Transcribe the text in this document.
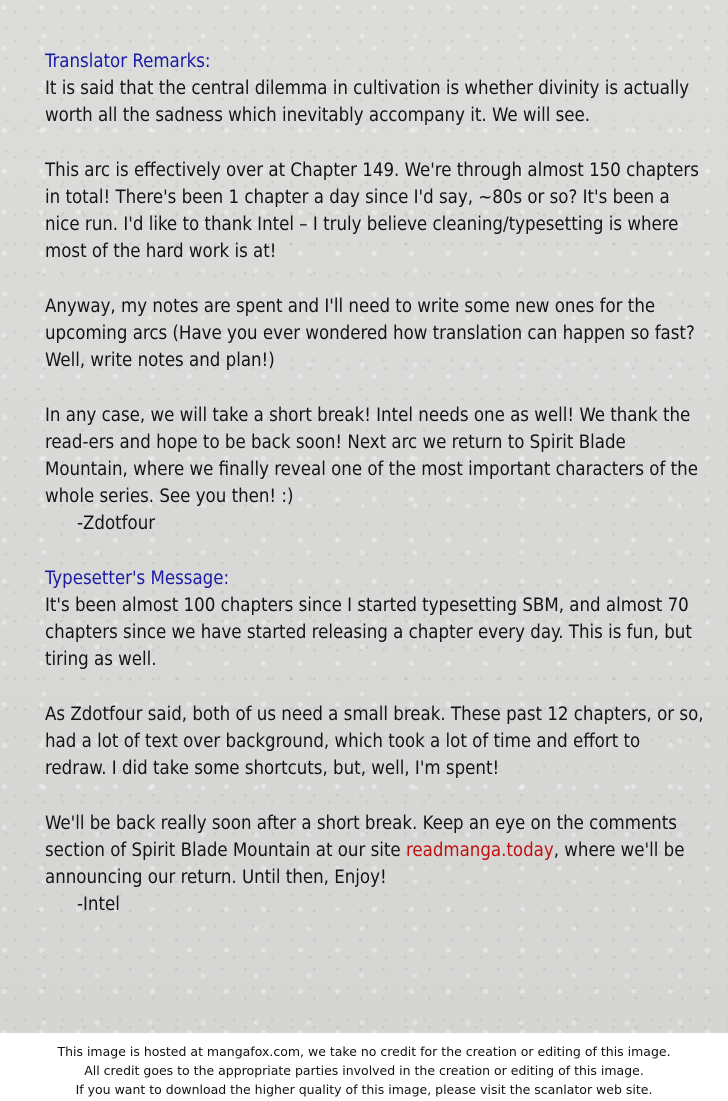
Translator Remarks:

It is said that the central dilemma in cultivation is whether divinity is actually worth all the sadness which inevitably accompany it. We will see.

This arc is effectively over at Chapter 149. We're through almost 150 chapters in total! There's been 1 chapter a day since I'd say, ~80s or so? It's been a nice run. I'd like to thank Intel – I truly believe cleaning/typesetting is where most of the hard work is at!

Anyway, my notes are spent and I'll need to write some new ones for the upcoming arcs (Have you ever wondered how translation can happen so fast? Well, write notes and plan!)

In any case, we will take a short break! Intel needs one as well! We thank the read-ers and hope to be back soon! Next arc we return to Spirit Blade Mountain, where we finally reveal one of the most important characters of the whole series. See you then! :)

-Zdotfour

Typesetter's Message:

It's been almost 100 chapters since I started typesetting SBM, and almost 70 chapters since we have started releasing a chapter every day. This is fun, but tiring as well.

As Zdotfour said, both of us need a small break. These past 12 chapters, or so, had a lot of text over background, which took a lot of time and effort to redraw. I did take some shortcuts, but, well, I'm spent!

We'll be back really soon after a short break. Keep an eye on the comments section of Spirit Blade Mountain at our site readmanga.today, where we'll be announcing our return. Until then, Enjoy!

-Intel

This image is hosted at mangafox.com, we take no credit for the creation or editing of this image.
All credit goes to the appropriate parties involved in the creation or editing of this image.
If you want to download the higher quality of this image, please visit the scanlator web site.
